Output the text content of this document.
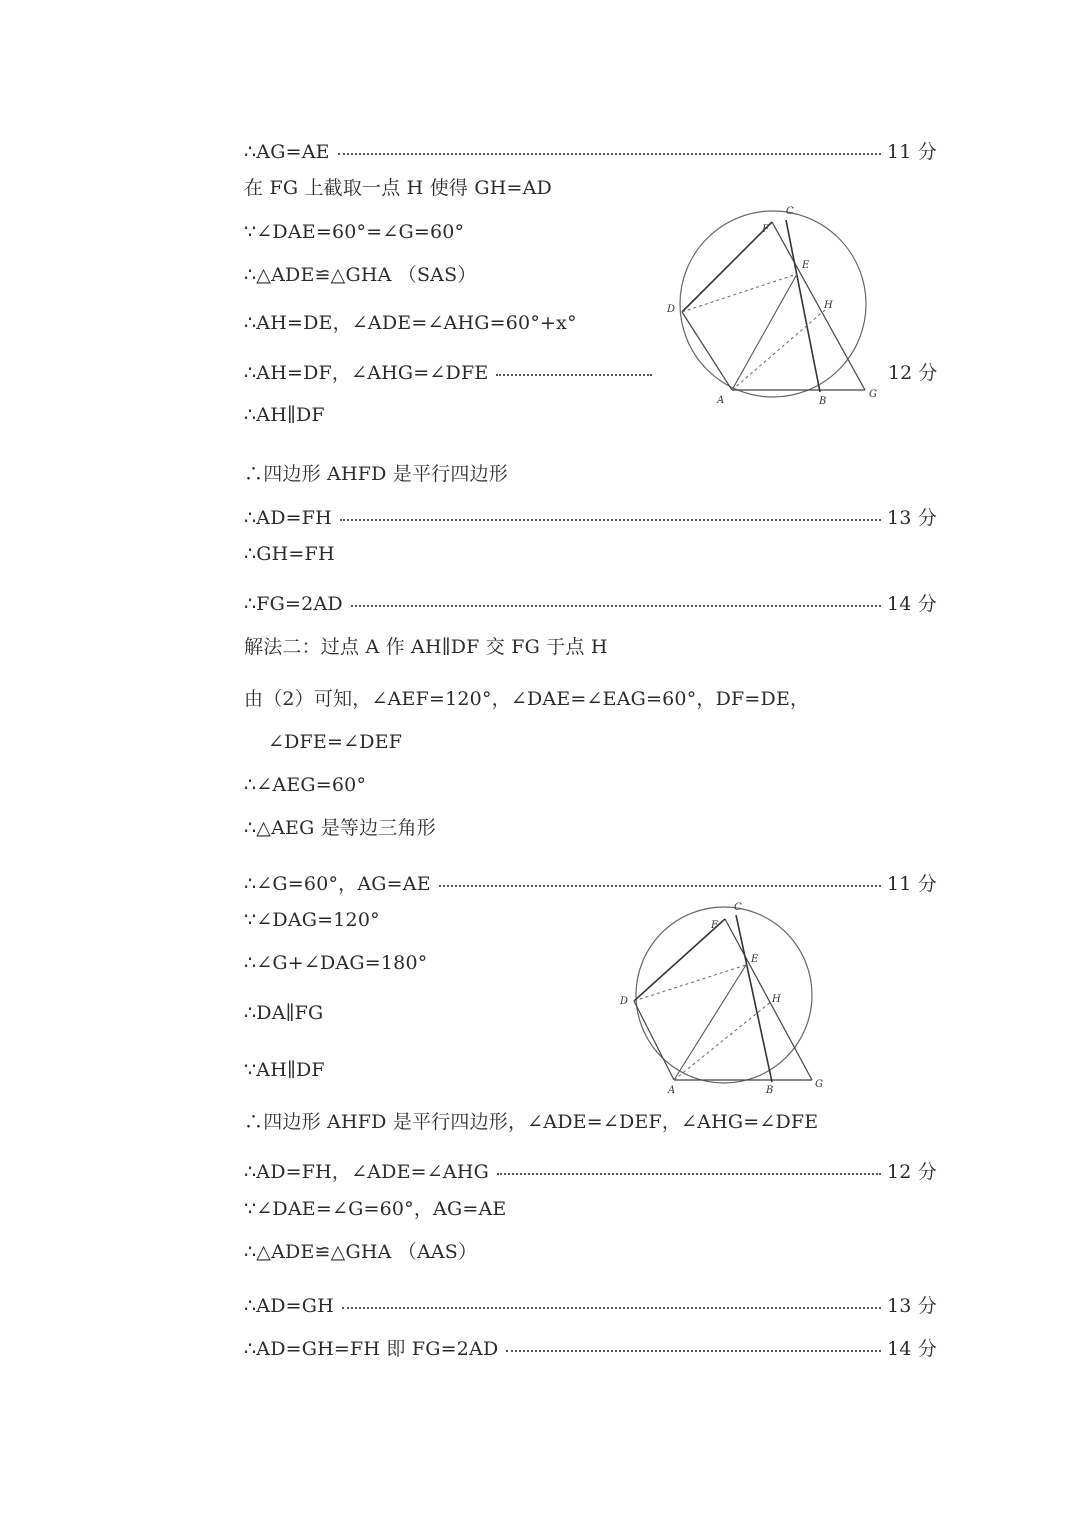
∴AG=AE	11 分
在 FG 上截取一点 H 使得 GH=AD
∵∠DAE=60°=∠G=60°
∴△ADE≌△GHA （SAS）
∴AH=DE，∠ADE=∠AHG=60°+x°
∴AH=DF，∠AHG=∠DFE	12 分
∴AH∥DF
∴四边形 AHFD 是平行四边形
∴AD=FH	13 分
∴GH=FH
∴FG=2AD	14 分
解法二：过点 A 作 AH∥DF 交 FG 于点 H
由（2）可知，∠AEF=120°，∠DAE=∠EAG=60°，DF=DE，
∠DFE=∠DEF
∴∠AEG=60°
∴△AEG 是等边三角形
∴∠G=60°，AG=AE	11 分
∵∠DAG=120°
∴∠G+∠DAG=180°
∴DA∥FG
∵AH∥DF
∴四边形 AHFD 是平行四边形，∠ADE=∠DEF，∠AHG=∠DFE
∴AD=FH，∠ADE=∠AHG	12 分
∵∠DAE=∠G=60°，AG=AE
∴△ADE≌△GHA （AAS）
∴AD=GH	13 分
∴AD=GH=FH 即 FG=2AD	14 分
C
F
E
D	H
A	B
G
C
F
E
D	H
A	B
G
